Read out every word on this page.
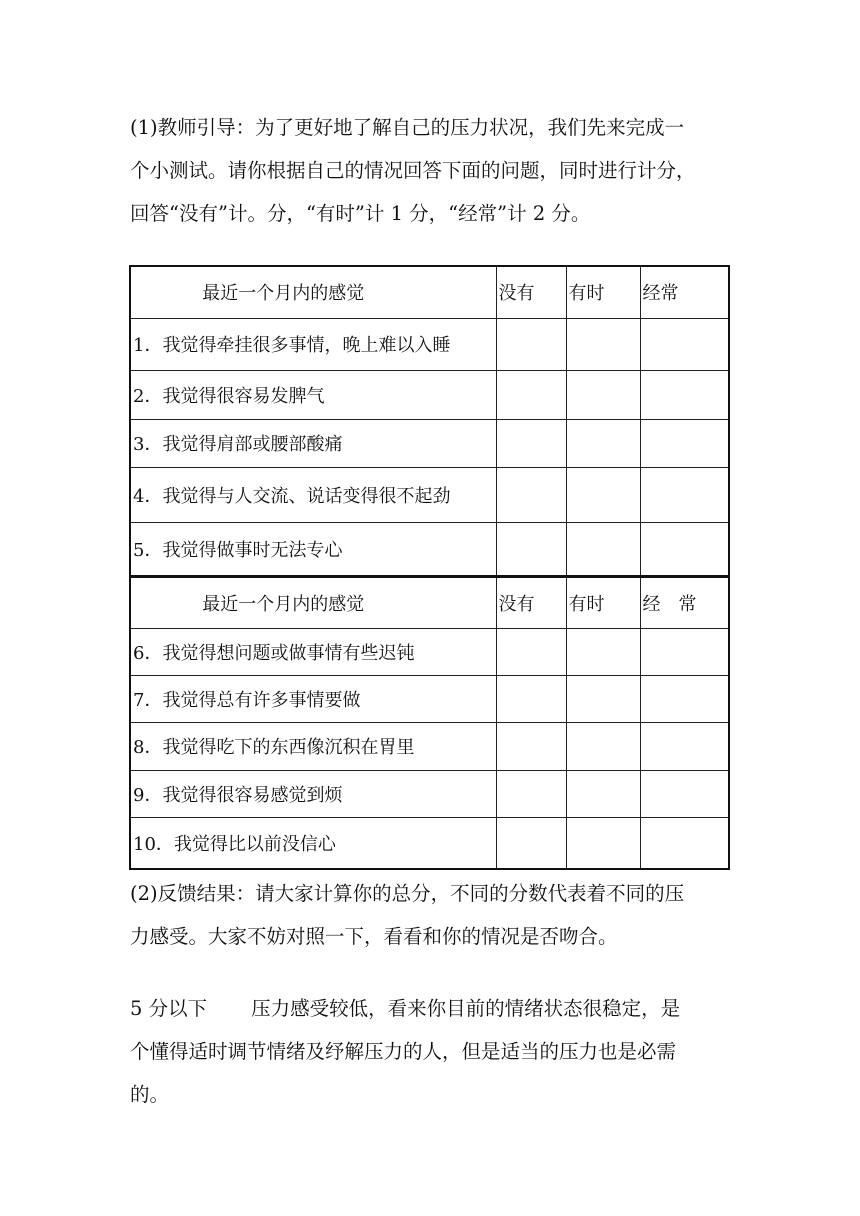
(1)教师引导：为了更好地了解自己的压力状况，我们先来完成一
个小测试。请你根据自己的情况回答下面的问题，同时进行计分，
回答“没有”计。分，“有时”计 1 分，“经常”计 2 分。
最近一个月内的感觉	没有	有时	经常
1．我觉得牵挂很多事情，晚上难以入睡			
2．我觉得很容易发脾气			
3．我觉得肩部或腰部酸痛			
4．我觉得与人交流、说话变得很不起劲			
5．我觉得做事时无法专心			
最近一个月内的感觉	没有	有时	经　常
6．我觉得想问题或做事情有些迟钝			
7．我觉得总有许多事情要做			
8．我觉得吃下的东西像沉积在胃里			
9．我觉得很容易感觉到烦			
10．我觉得比以前没信心			
(2)反馈结果：请大家计算你的总分，不同的分数代表着不同的压
力感受。大家不妨对照一下，看看和你的情况是否吻合。
5 分以下 压力感受较低，看来你目前的情绪状态很稳定，是
个懂得适时调节情绪及纾解压力的人，但是适当的压力也是必需
的。
